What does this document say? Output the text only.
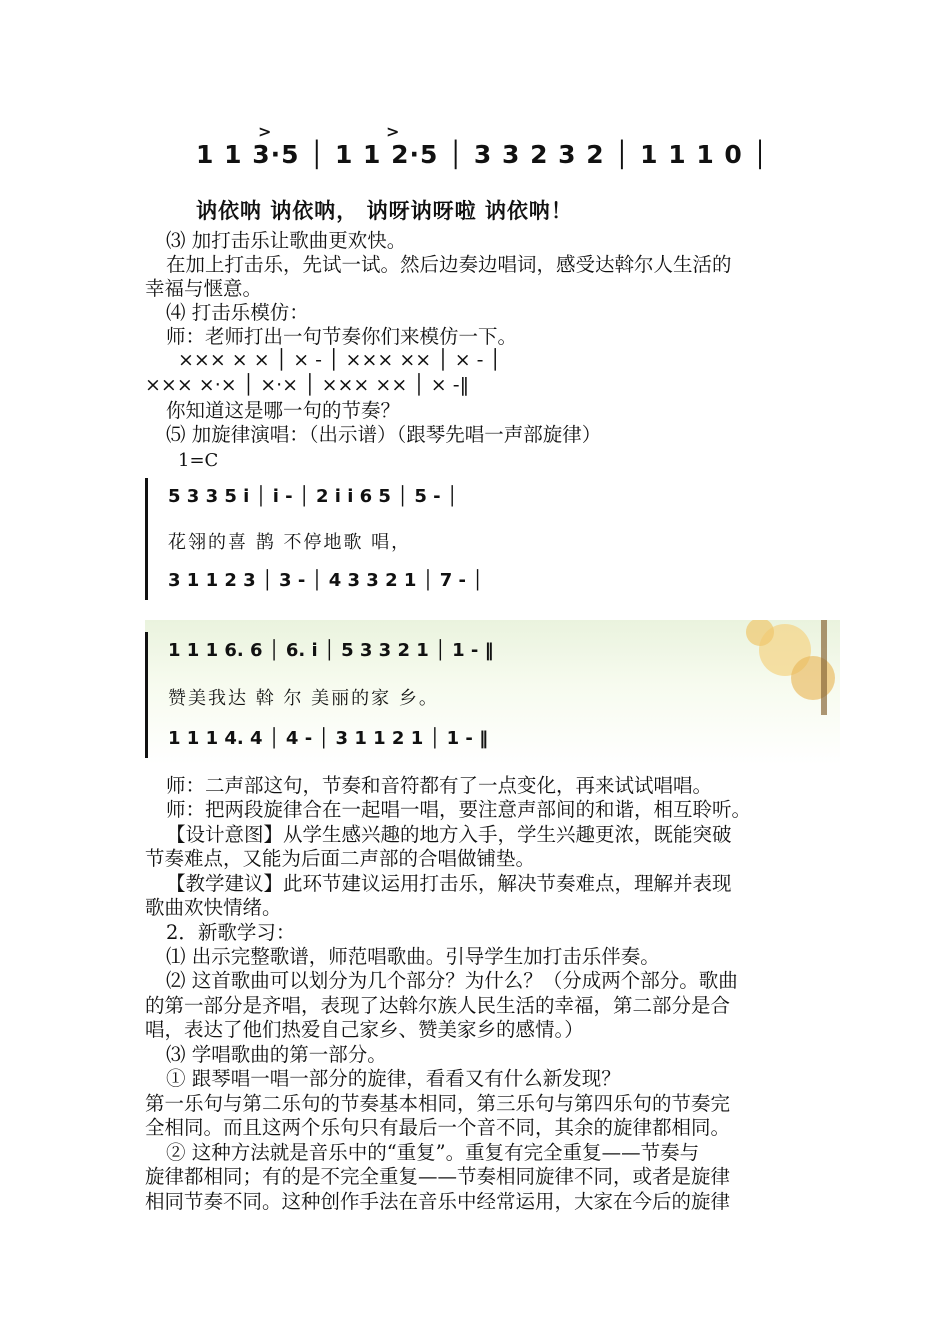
1 1 3·5 │ 1 1 2·5 │ 3 3 2 3 2 │ 1 1 1 0 │
>	>
讷依呐 讷依呐， 讷呀讷呀啦 讷依呐！
⑶ 加打击乐让歌曲更欢快。
在加上打击乐，先试一试。然后边奏边唱词，感受达斡尔人生活的
幸福与惬意。
⑷ 打击乐模仿：
师：老师打出一句节奏你们来模仿一下。
××× × × │ × - │ ××× ×× │ × - │
××× ×·× │ ×·× │ ××× ×× │ × -‖
你知道这是哪一句的节奏？
⑸ 加旋律演唱：（出示谱）（跟琴先唱一声部旋律）
1=C
5 3 3 5 i │ i - │ 2 i i 6 5 │ 5 - │
花翎的喜 鹊 不停地歌 唱，
3 1 1 2 3 │ 3 - │ 4 3 3 2 1 │ 7 - │
1 1 1 6. 6 │ 6. i │ 5 3 3 2 1 │ 1 - ‖
赞美我达 斡 尔 美丽的家 乡。
1 1 1 4. 4 │ 4 - │ 3 1 1 2 1 │ 1 - ‖
师：二声部这句，节奏和音符都有了一点变化，再来试试唱唱。
师：把两段旋律合在一起唱一唱，要注意声部间的和谐，相互聆听。
【设计意图】从学生感兴趣的地方入手，学生兴趣更浓，既能突破
节奏难点，又能为后面二声部的合唱做铺垫。
【教学建议】此环节建议运用打击乐，解决节奏难点，理解并表现
歌曲欢快情绪。
2．新歌学习：
⑴ 出示完整歌谱，师范唱歌曲。引导学生加打击乐伴奏。
⑵ 这首歌曲可以划分为几个部分？为什么？（分成两个部分。歌曲
的第一部分是齐唱，表现了达斡尔族人民生活的幸福，第二部分是合
唱，表达了他们热爱自己家乡、赞美家乡的感情。）
⑶ 学唱歌曲的第一部分。
① 跟琴唱一唱一部分的旋律，看看又有什么新发现？
第一乐句与第二乐句的节奏基本相同，第三乐句与第四乐句的节奏完
全相同。而且这两个乐句只有最后一个音不同，其余的旋律都相同。
② 这种方法就是音乐中的“重复”。重复有完全重复——节奏与
旋律都相同；有的是不完全重复——节奏相同旋律不同，或者是旋律
相同节奏不同。这种创作手法在音乐中经常运用，大家在今后的旋律
